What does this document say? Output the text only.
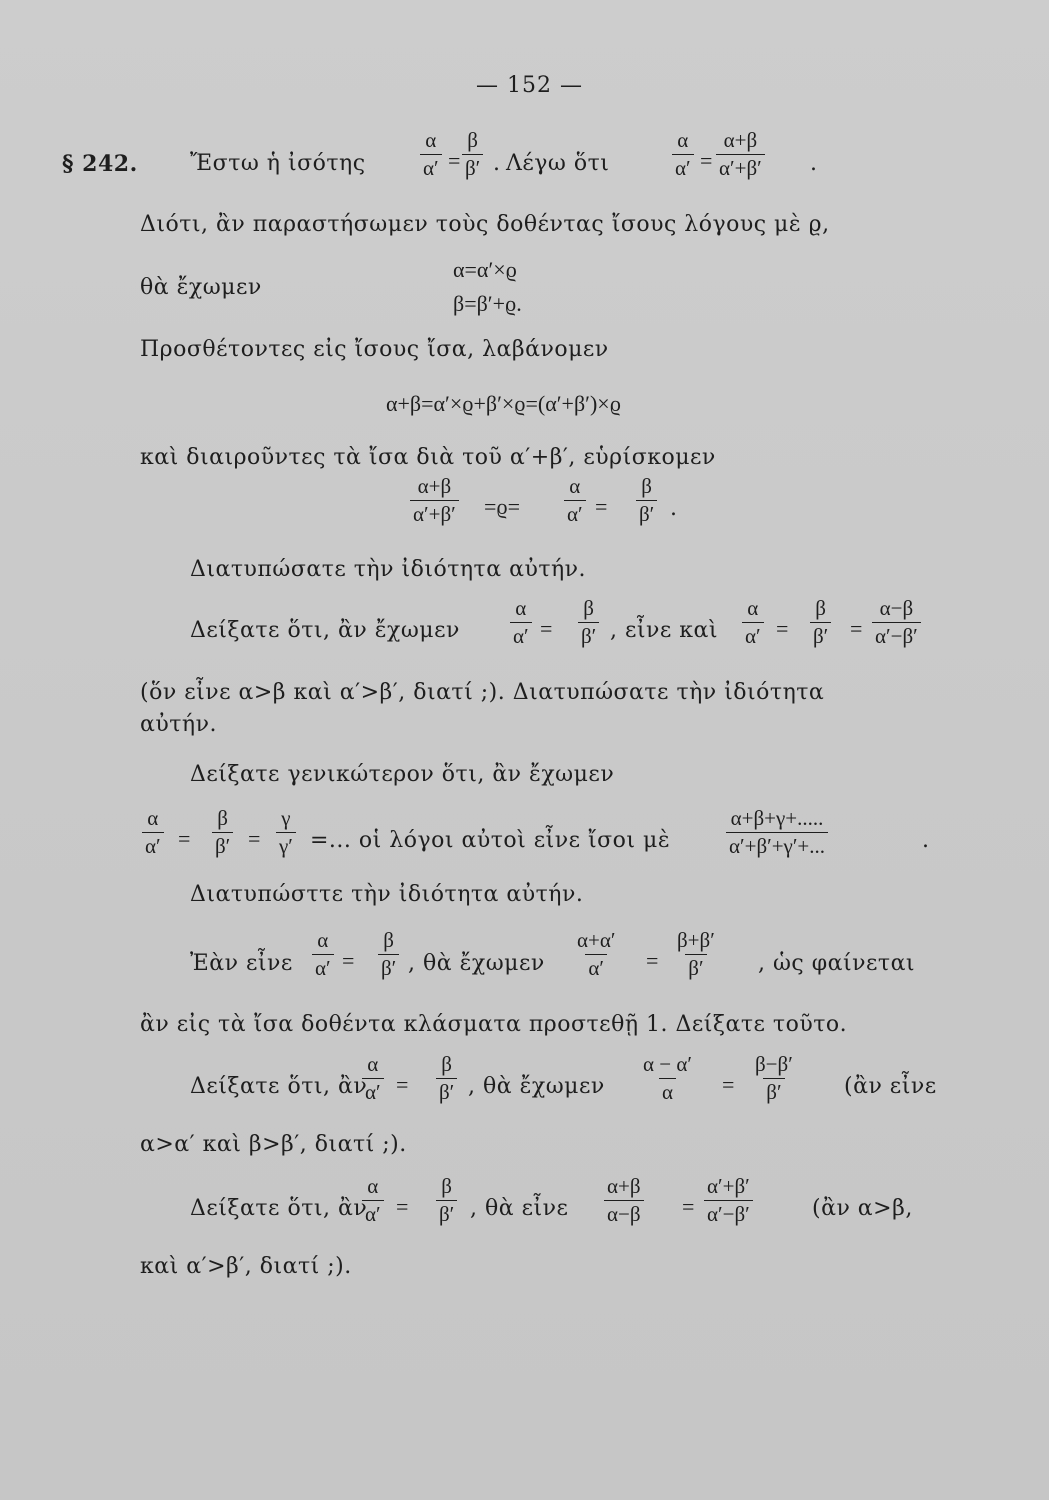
— 152 —
§ 242. Ἔστω ἡ ἰσότης	$\frac{\alpha}{\alpha'} = \frac{\beta}{\beta'}$ . Λέγω ὅτι	$\frac{\alpha}{\alpha'} = \frac{\alpha+\beta}{\alpha'+\beta'}$ .
Διότι, ἂν παραστήσωμεν τοὺς δοθέντας ἴσους λόγους μὲ ϱ,
θὰ ἔχωμεν
α=α′×ϱ
β=β′+ϱ.
Προσθέτοντες εἰς ἴσους ἴσα, λαβάνομεν
α+β=α′×ϱ+β′×ϱ=(α′+β′)×ϱ
καὶ διαιροῦντες τὰ ἴσα διὰ τοῦ α′+β′, εὑρίσκομεν
$\frac{\alpha+\beta}{\alpha'+\beta'} =ϱ= \frac{\alpha}{\alpha'} = \frac{\beta}{\beta'}$ .
Διατυπώσατε τὴν ἰδιότητα αὐτήν.
Δείξατε ὅτι, ἂν ἔχωμεν $\frac{\alpha}{\alpha'} = \frac{\beta}{\beta'}$ , εἶνε καὶ $\frac{\alpha}{\alpha'} = \frac{\beta}{\beta'} = \frac{\alpha-\beta}{\alpha'-\beta'}$
(ὅν εἶνε α>β καὶ α′>β′, διατί ;). Διατυπώσατε τὴν ἰδιότητα
αὐτήν.
Δείξατε γενικώτερον ὅτι, ἂν ἔχωμεν
$\frac{\alpha}{\alpha'} = \frac{\beta}{\beta'} = \frac{\gamma}{\gamma'}$ =... οἱ λόγοι αὐτοὶ εἶνε ἴσοι μὲ	$\frac{\alpha+\beta+\gamma+.....}{\alpha'+\beta'+\gamma'+...}$	.
Διατυπώσττε τὴν ἰδιότητα αὐτήν.
Ἐὰν εἶνε $\frac{\alpha}{\alpha'} = \frac{\beta}{\beta'}$ , θὰ ἔχωμεν $\frac{\alpha+\alpha'}{\alpha'} = \frac{\beta+\beta'}{\beta'}$ , ὡς φαίνεται
ἂν εἰς τὰ ἴσα δοθέντα κλάσματα προστεθῇ 1. Δείξατε τοῦτο.
Δείξατε ὅτι, ἂν
$\frac{\alpha}{\alpha'} = \frac{\beta}{\beta'}$ , θὰ ἔχωμεν $\frac{\alpha - \alpha'}{\alpha} = \frac{\beta-\beta'}{\beta'}$ (ἂν εἶνε
α>α′ καὶ β>β′, διατί ;).
Δείξατε ὅτι, ἂν
$\frac{\alpha}{\alpha'} = \frac{\beta}{\beta'}$ , θὰ εἶνε $\frac{\alpha+\beta}{\alpha-\beta} = \frac{\alpha'+\beta'}{\alpha'-\beta'}$	(ἂν α>β,
καὶ α′>β′, διατί ;).
